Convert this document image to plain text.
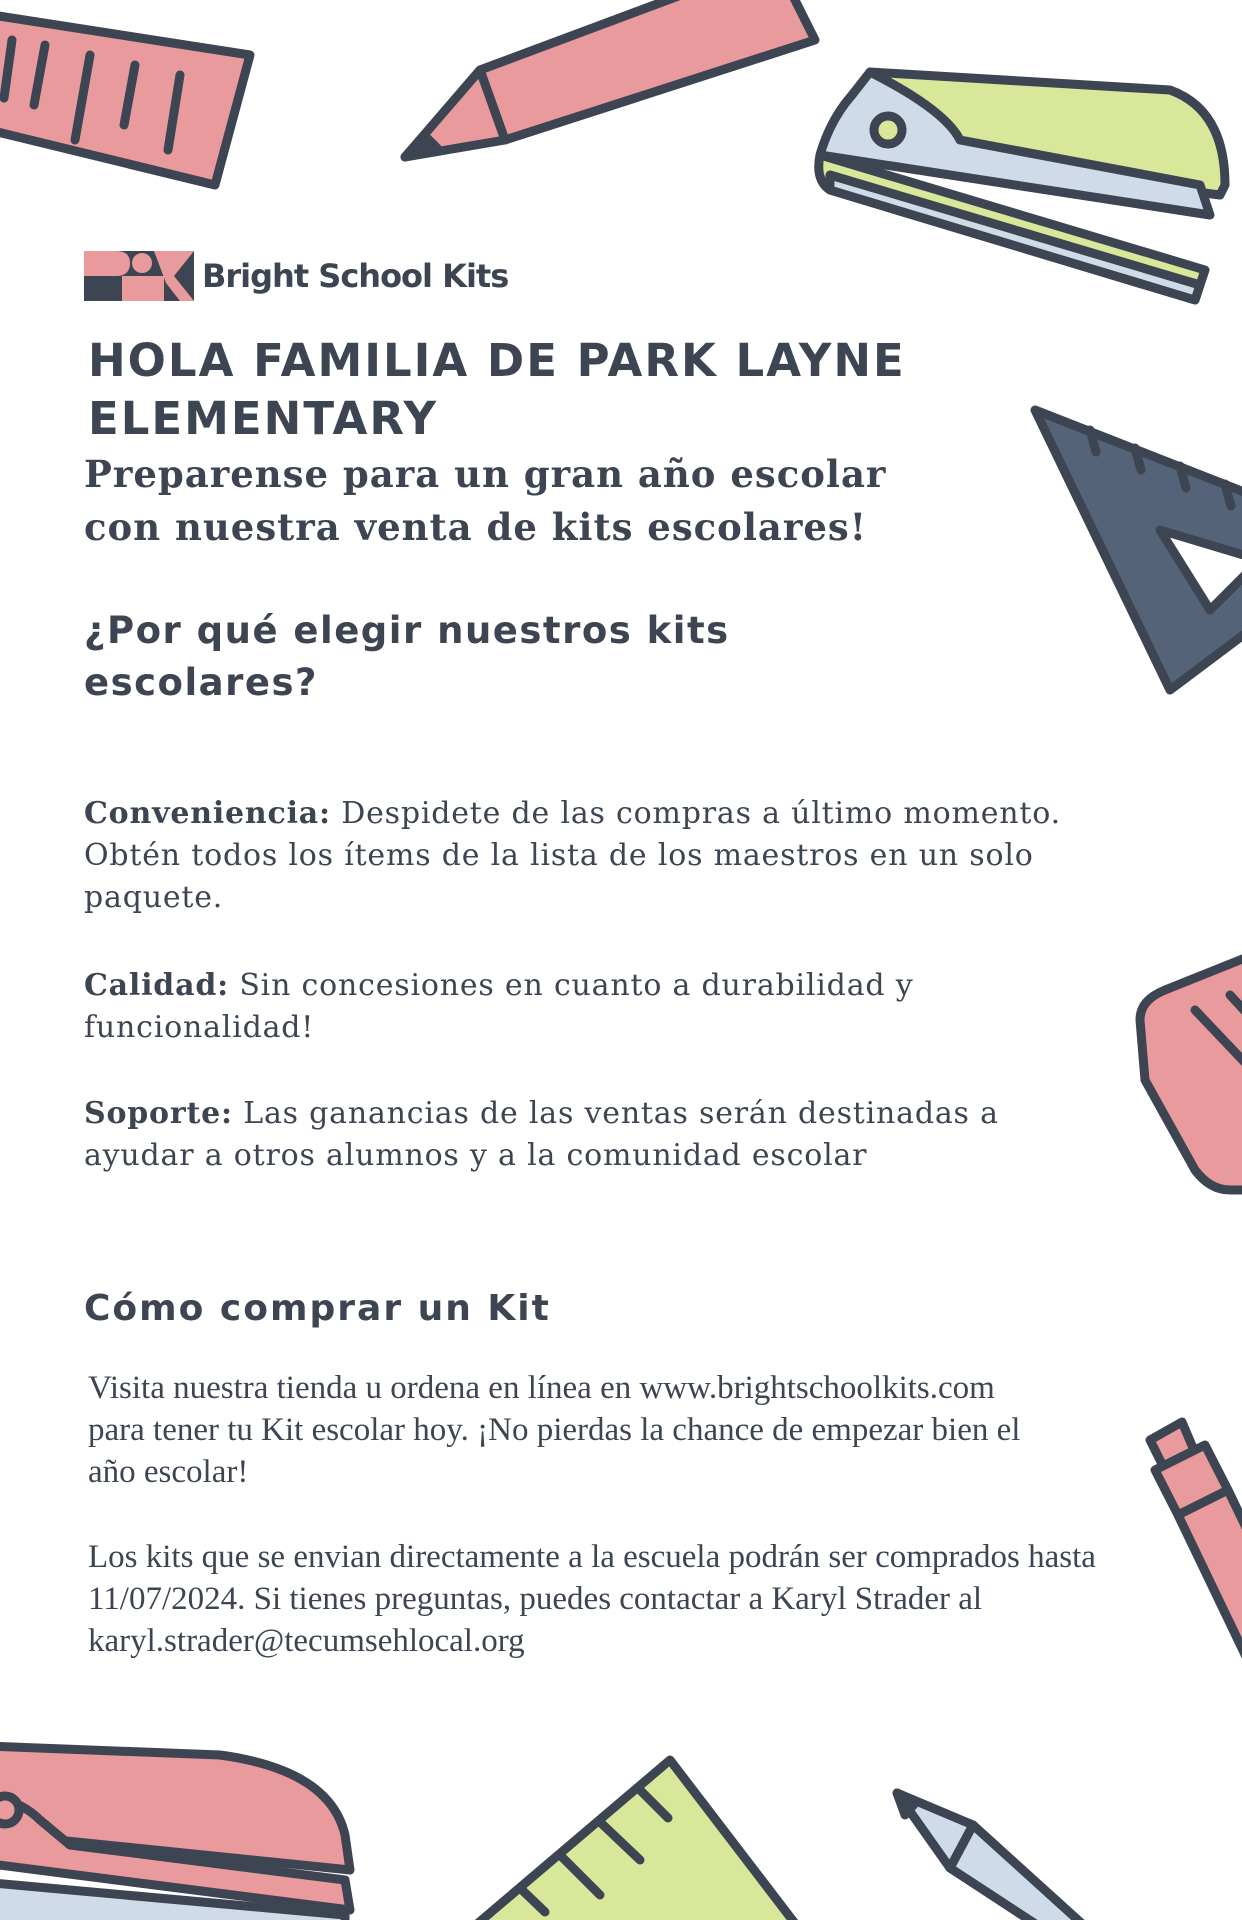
Bright School Kits
HOLA FAMILIA DE PARK LAYNE ELEMENTARY

Preparense para un gran año escolar con nuestra venta de kits escolares!

¿Por qué elegir nuestros kits escolares?

Conveniencia: Despidete de las compras a último momento. Obtén todos los ítems de la lista de los maestros en un solo paquete.

Calidad: Sin concesiones en cuanto a durabilidad y funcionalidad!

Soporte: Las ganancias de las ventas serán destinadas a ayudar a otros alumnos y a la comunidad escolar

Cómo comprar un Kit

Visita nuestra tienda u ordena en línea en www.brightschoolkits.com para tener tu Kit escolar hoy. ¡No pierdas la chance de empezar bien el año escolar!

Los kits que se envian directamente a la escuela podrán ser comprados hasta 11/07/2024. Si tienes preguntas, puedes contactar a Karyl Strader al karyl.strader@tecumsehlocal.org
